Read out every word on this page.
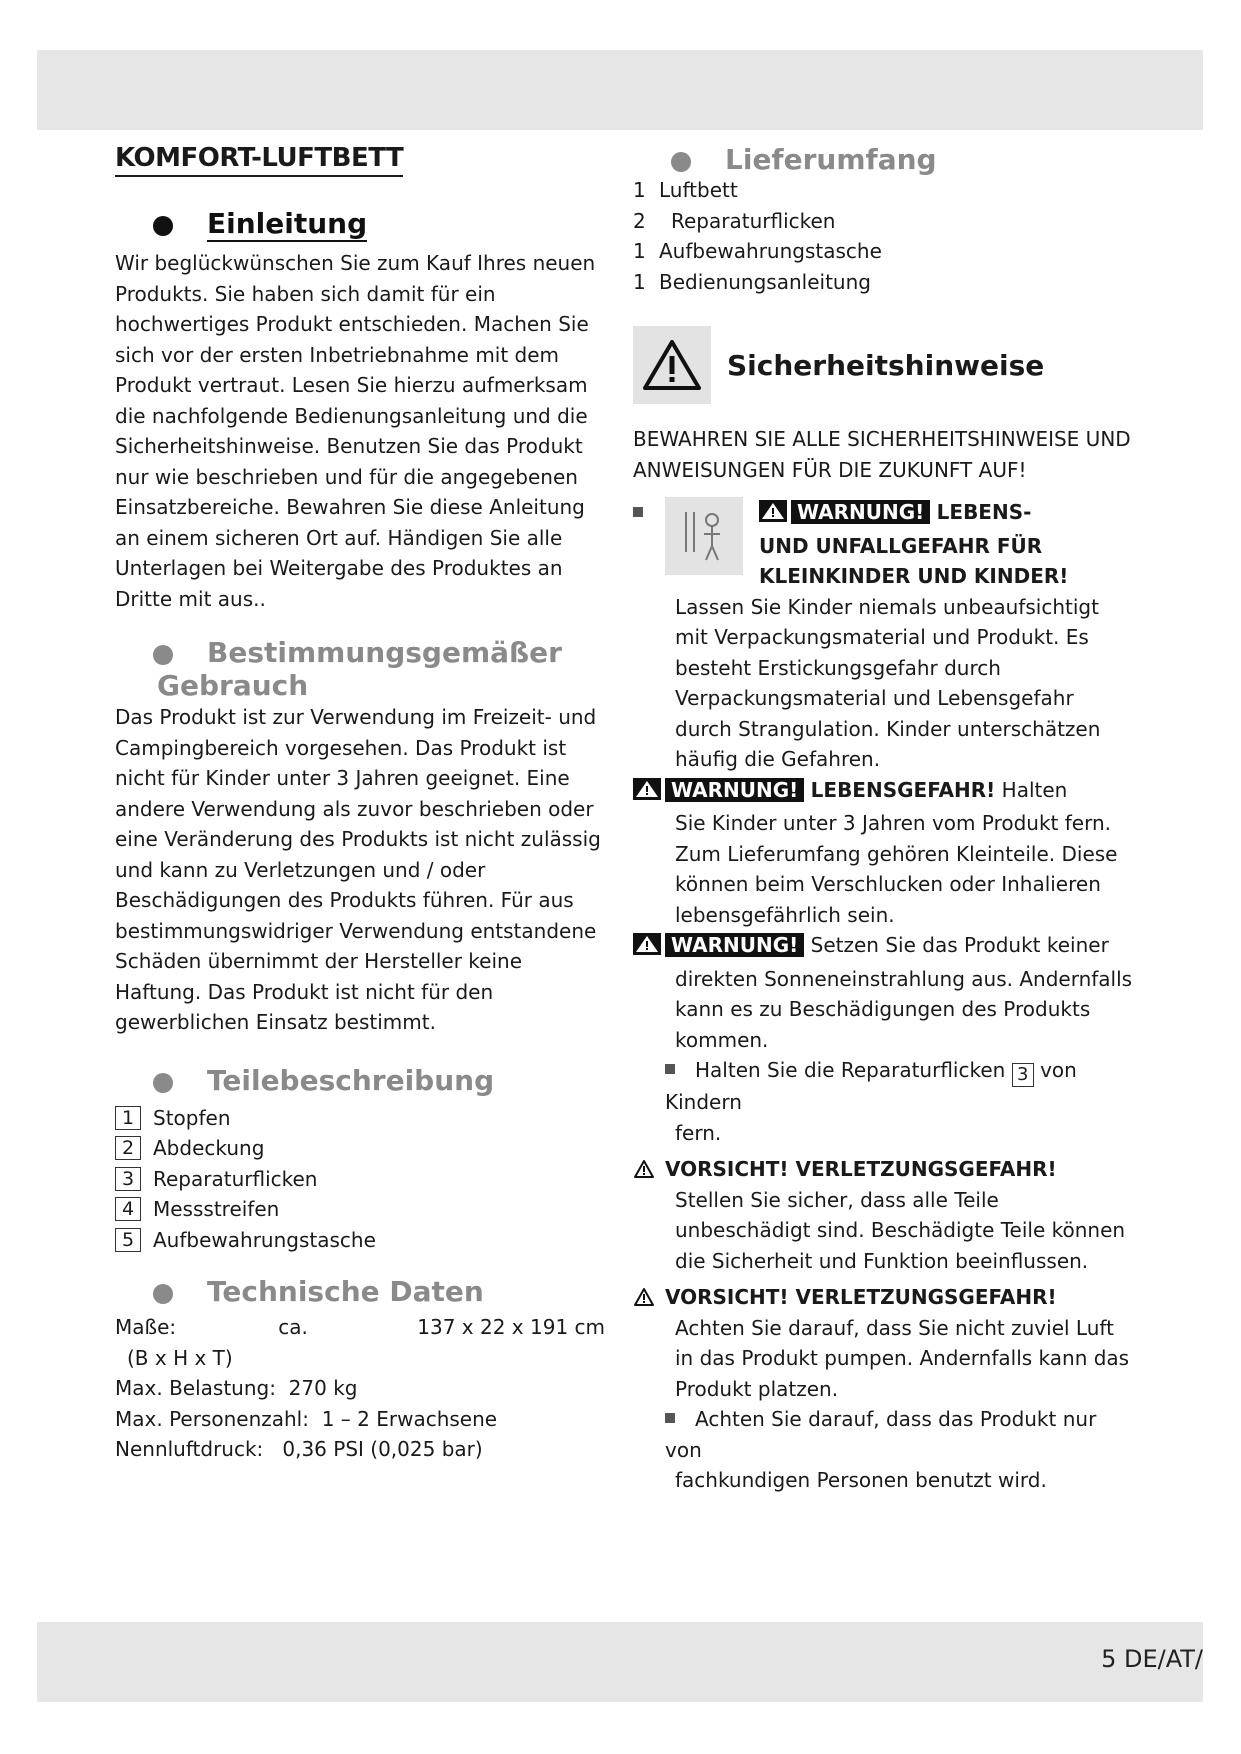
5 DE/AT/
KOMFORT-LUFTBETT
Einleitung

Wir beglückwünschen Sie zum Kauf Ihres neuen Produkts. Sie haben sich damit für ein hochwertiges Produkt entschieden. Machen Sie sich vor der ersten Inbetriebnahme mit dem Produkt vertraut. Lesen Sie hierzu aufmerksam die nachfolgende Bedienungsanleitung und die Sicherheitshinweise. Benutzen Sie das Produkt nur wie beschrieben und für die angegebenen Einsatzbereiche. Bewahren Sie diese Anleitung an einem sicheren Ort auf. Händigen Sie alle Unterlagen bei Weitergabe des Produktes an Dritte mit aus..

Bestimmungsgemäßer
Gebrauch

Das Produkt ist zur Verwendung im Freizeit- und Campingbereich vorgesehen. Das Produkt ist nicht für Kinder unter 3 Jahren geeignet. Eine andere Verwendung als zuvor beschrieben oder eine Veränderung des Produkts ist nicht zulässig und kann zu Verletzungen und / oder Beschädigungen des Produkts führen. Für aus bestimmungswidriger Verwendung entstandene Schäden übernimmt der Hersteller keine Haftung. Das Produkt ist nicht für den gewerblichen Einsatz bestimmt.

Teilebeschreibung
1 Stopfen
2 Abdeckung
3 Reparaturflicken
4 Messstreifen
5 Aufbewahrungstasche
Technische Daten
Maße:	ca.	137 x 22 x 191 cm
(B x H x T)
Max. Belastung:
270 kg
Max. Personenzahl:
1 – 2 Erwachsene
Nennluftdruck:
0,36 PSI (0,025 bar)
Lieferumfang
1 Luftbett
2	Reparaturflicken
1 Aufbewahrungstasche
1 Bedienungsanleitung
Sicherheitshinweise

BEWAHREN SIE ALLE SICHERHEITSHINWEISE UND ANWEISUNGEN FÜR DIE ZUKUNFT AUF!

WARNUNG! LEBENS-
UND UNFALLGEFAHR FÜR
KLEINKINDER UND KINDER!

Lassen Sie Kinder niemals unbeaufsichtigt mit Verpackungsmaterial und Produkt. Es besteht Erstickungsgefahr durch Verpackungsmaterial und Lebensgefahr durch Strangulation. Kinder unterschätzen häufig die Gefahren.

WARNUNG! LEBENSGEFAHR! Halten

Sie Kinder unter 3 Jahren vom Produkt fern. Zum Lieferumfang gehören Kleinteile. Diese können beim Verschlucken oder Inhalieren lebensgefährlich sein.

WARNUNG! Setzen Sie das Produkt keiner

direkten Sonneneinstrahlung aus. Andernfalls kann es zu Beschädigungen des Produkts kommen.

Halten Sie die Reparaturflicken 3 von Kindern
fern.
VORSICHT! VERLETZUNGSGEFAHR!

Stellen Sie sicher, dass alle Teile unbeschädigt sind. Beschädigte Teile können die Sicherheit und Funktion beeinflussen.

VORSICHT! VERLETZUNGSGEFAHR!

Achten Sie darauf, dass Sie nicht zuviel Luft in das Produkt pumpen. Andernfalls kann das Produkt platzen.

Achten Sie darauf, dass das Produkt nur von
fachkundigen Personen benutzt wird.
